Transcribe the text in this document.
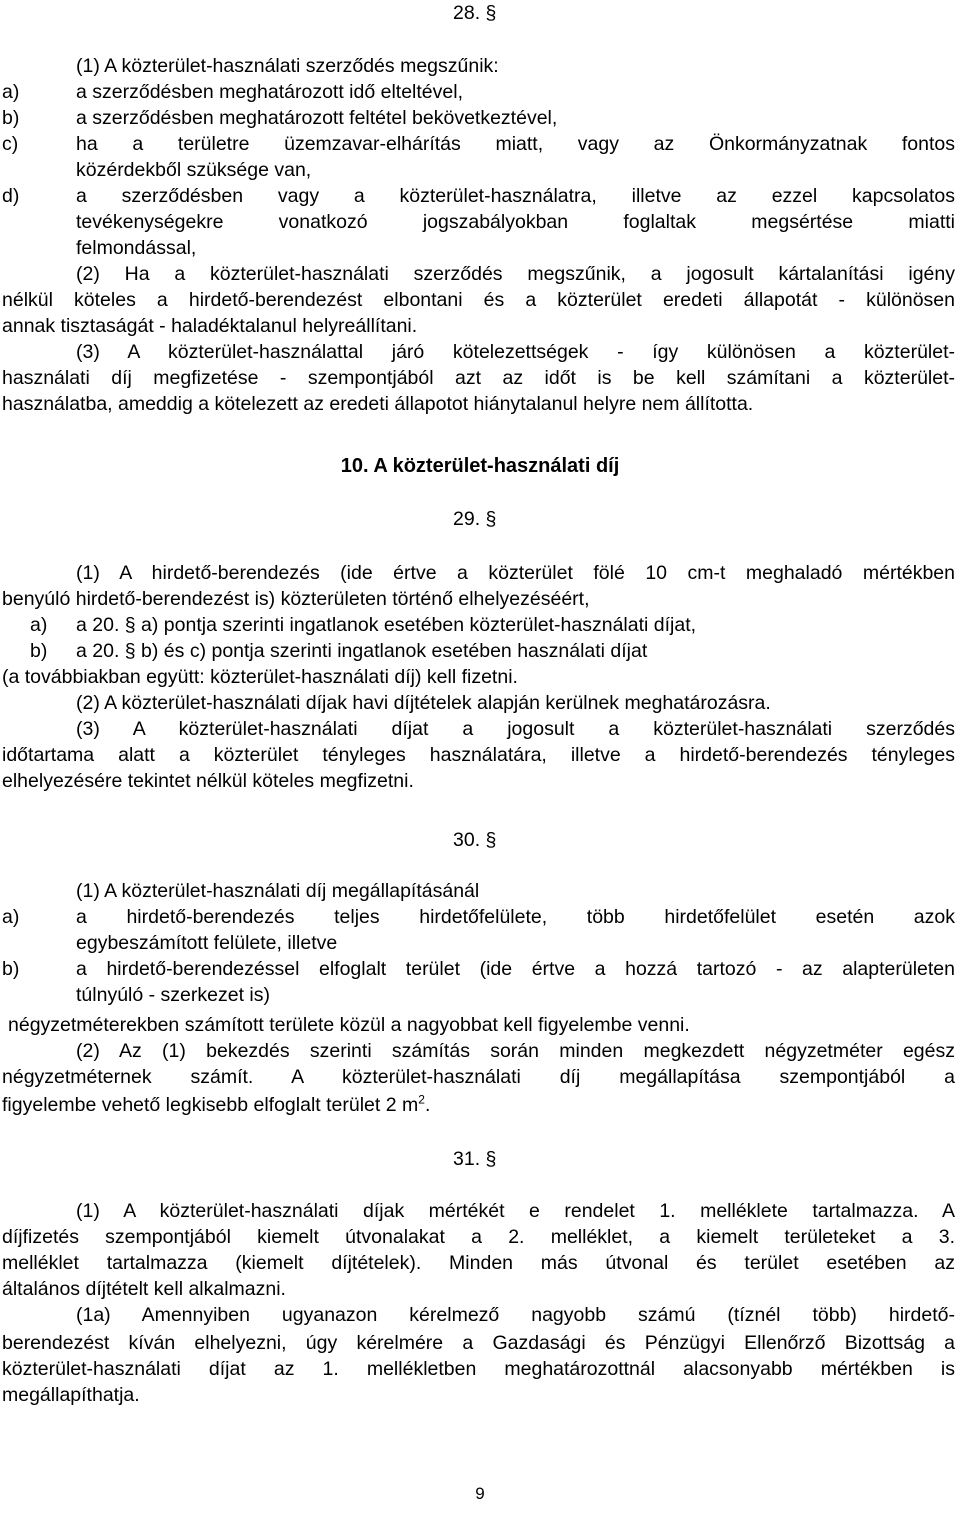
28. §
(1) A közterület-használati szerződés megszűnik:
a)	a szerződésben meghatározott idő elteltével,
b)	a szerződésben meghatározott feltétel bekövetkeztével,
c)	ha a területre üzemzavar-elhárítás miatt, vagy az Önkormányzatnak fontos
közérdekből szüksége van,
d)	a szerződésben vagy a közterület-használatra, illetve az ezzel kapcsolatos
tevékenységekre vonatkozó jogszabályokban foglaltak megsértése miatti
felmondással,
(2) Ha a közterület-használati szerződés megszűnik, a jogosult kártalanítási igény
nélkül köteles a hirdető-berendezést elbontani és a közterület eredeti állapotát - különösen
annak tisztaságát - haladéktalanul helyreállítani.
(3) A közterület-használattal járó kötelezettségek - így különösen a közterület-
használati díj megfizetése - szempontjából azt az időt is be kell számítani a közterület-
használatba, ameddig a kötelezett az eredeti állapotot hiánytalanul helyre nem állította.
10. A közterület-használati díj
29. §
(1) A hirdető-berendezés (ide értve a közterület fölé 10 cm-t meghaladó mértékben
benyúló hirdető-berendezést is) közterületen történő elhelyezéséért,
a) a 20. § a) pontja szerinti ingatlanok esetében közterület-használati díjat,
b) a 20. § b) és c) pontja szerinti ingatlanok esetében használati díjat
(a továbbiakban együtt: közterület-használati díj) kell fizetni.
(2) A közterület-használati díjak havi díjtételek alapján kerülnek meghatározásra.
(3) A közterület-használati díjat a jogosult a közterület-használati szerződés
időtartama alatt a közterület tényleges használatára, illetve a hirdető-berendezés tényleges
elhelyezésére tekintet nélkül köteles megfizetni.
30. §
(1) A közterület-használati díj megállapításánál
a)	a hirdető-berendezés teljes hirdetőfelülete, több hirdetőfelület esetén azok
egybeszámított felülete, illetve
b)	a hirdető-berendezéssel elfoglalt terület (ide értve a hozzá tartozó - az alapterületen
túlnyúló - szerkezet is)
négyzetméterekben számított területe közül a nagyobbat kell figyelembe venni.
(2) Az (1) bekezdés szerinti számítás során minden megkezdett négyzetméter egész
négyzetméternek számít. A közterület-használati díj megállapítása szempontjából a
figyelembe vehető legkisebb elfoglalt terület 2 $m^2$.
31. §
(1) A közterület-használati díjak mértékét e rendelet 1. melléklete tartalmazza. A
díjfizetés szempontjából kiemelt útvonalakat a 2. melléklet, a kiemelt területeket a 3.
melléklet tartalmazza (kiemelt díjtételek). Minden más útvonal és terület esetében az
általános díjtételt kell alkalmazni.
(1a) Amennyiben ugyanazon kérelmező nagyobb számú (tíznél több) hirdető-
berendezést kíván elhelyezni, úgy kérelmére a Gazdasági és Pénzügyi Ellenőrző Bizottság a
közterület-használati díjat az 1. mellékletben meghatározottnál alacsonyabb mértékben is
megállapíthatja.
9
